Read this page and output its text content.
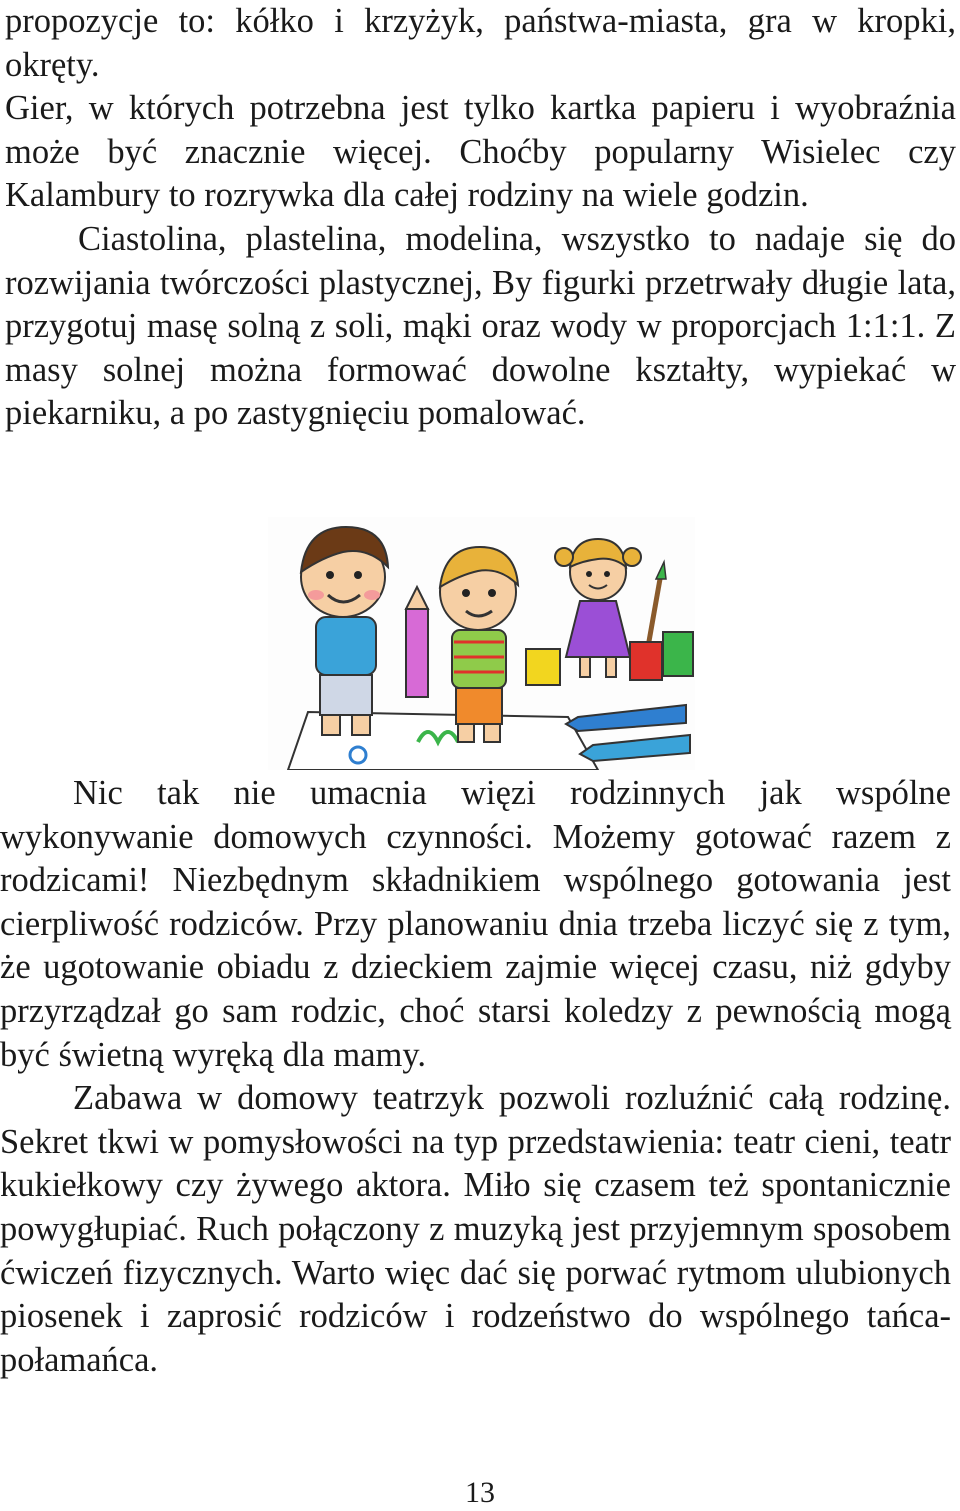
propozycje to: kółko i krzyżyk, państwa-miasta, gra w kropki, okręty.

Gier, w których potrzebna jest tylko kartka papieru i wyobraźnia może być znacznie więcej. Choćby popularny Wisielec czy Kalambury to rozrywka dla całej rodziny na wiele godzin.

Ciastolina, plastelina, modelina, wszystko to nadaje się do rozwijania twórczości plastycznej, By figurki przetrwały długie lata, przygotuj masę solną z soli, mąki oraz wody w proporcjach 1:1:1. Z masy solnej można formować dowolne kształty, wypiekać w piekarniku, a po zastygnięciu pomalować.

Nic tak nie umacnia więzi rodzinnych jak wspólne wykonywanie domowych czynności. Możemy gotować razem z rodzicami! Niezbędnym składnikiem wspólnego gotowania jest cierpliwość rodziców. Przy planowaniu dnia trzeba liczyć się z tym, że ugotowanie obiadu z dzieckiem zajmie więcej czasu, niż gdyby przyrządzał go sam rodzic, choć starsi koledzy z pewnością mogą być świetną wyręką dla mamy.

Zabawa w domowy teatrzyk pozwoli rozluźnić całą rodzinę. Sekret tkwi w pomysłowości na typ przedstawienia: teatr cieni, teatr kukiełkowy czy żywego aktora. Miło się czasem też spontanicznie powygłupiać. Ruch połączony z muzyką jest przyjemnym sposobem ćwiczeń fizycznych. Warto więc dać się porwać rytmom ulubionych piosenek i zaprosić rodziców i rodzeństwo do wspólnego tańca-połamańca.

13
